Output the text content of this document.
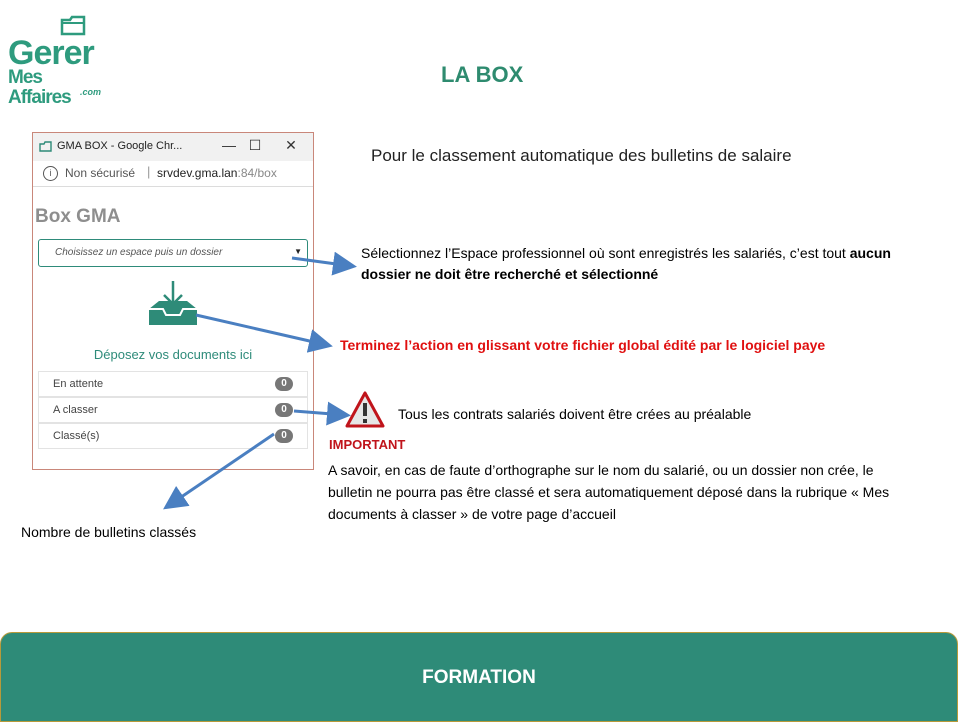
Gerer
Mes Affaires	.com
LA BOX
GMA BOX - Google Chr...	— ☐ ✕
i	Non sécurisé | srvdev.gma.lan:84/box
Box GMA
Choisissez un espace puis un dossier	▼
Déposez vos documents ici
En attente	0
A classer	0
Classé(s)	0
Pour le classement automatique des bulletins de salaire
Sélectionnez l’Espace professionnel où sont enregistrés les salariés, c’est tout aucun dossier ne doit être recherché et sélectionné
Terminez l’action en glissant votre fichier global édité par le logiciel paye
Tous les contrats salariés doivent être crées au préalable
IMPORTANT
A savoir, en cas de faute d’orthographe sur le nom du salarié, ou un dossier non crée, le bulletin ne pourra pas être classé et sera automatiquement déposé dans la rubrique « Mes documents à classer » de votre page d’accueil
Nombre de bulletins classés
FORMATION
